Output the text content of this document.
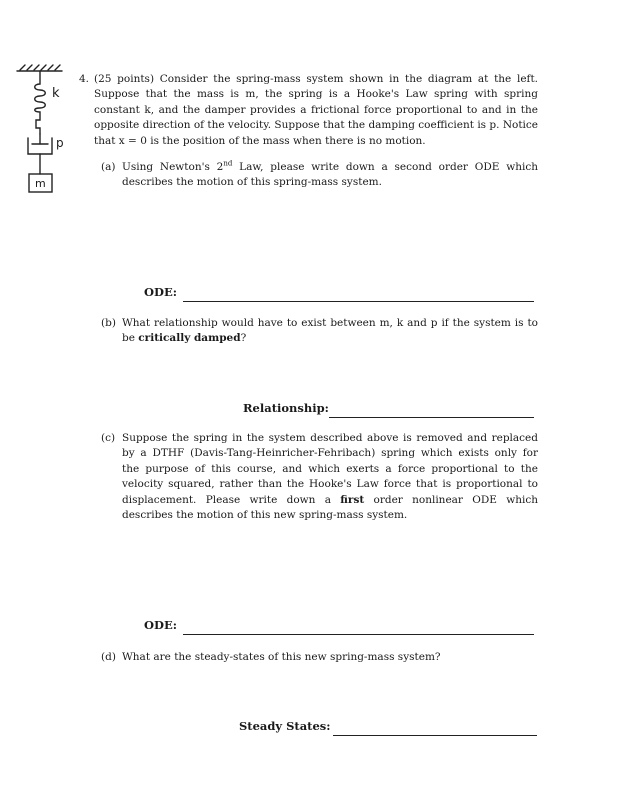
k
p
m
4. (25 points) Consider the spring-mass system shown in the diagram at the left. Suppose that the mass is m, the spring is a Hooke's Law spring with spring constant k, and the damper provides a frictional force proportional to and in the opposite direction of the velocity. Suppose that the damping coefficient is p. Notice that x = 0 is the position of the mass when there is no motion.

(a) Using Newton's 2nd Law, please write down a second order ODE which describes the motion of this spring-mass system.

ODE:
(b) What relationship would have to exist between m, k and p if the system is to be critically damped?

Relationship:
(c) Suppose the spring in the system described above is removed and replaced by a DTHF (Davis-Tang-Heinricher-Fehribach) spring which exists only for the purpose of this course, and which exerts a force proportional to the velocity squared, rather than the Hooke's Law force that is proportional to displacement. Please write down a first order nonlinear ODE which describes the motion of this new spring-mass system.

ODE:
(d) What are the steady-states of this new spring-mass system?

Steady States:
